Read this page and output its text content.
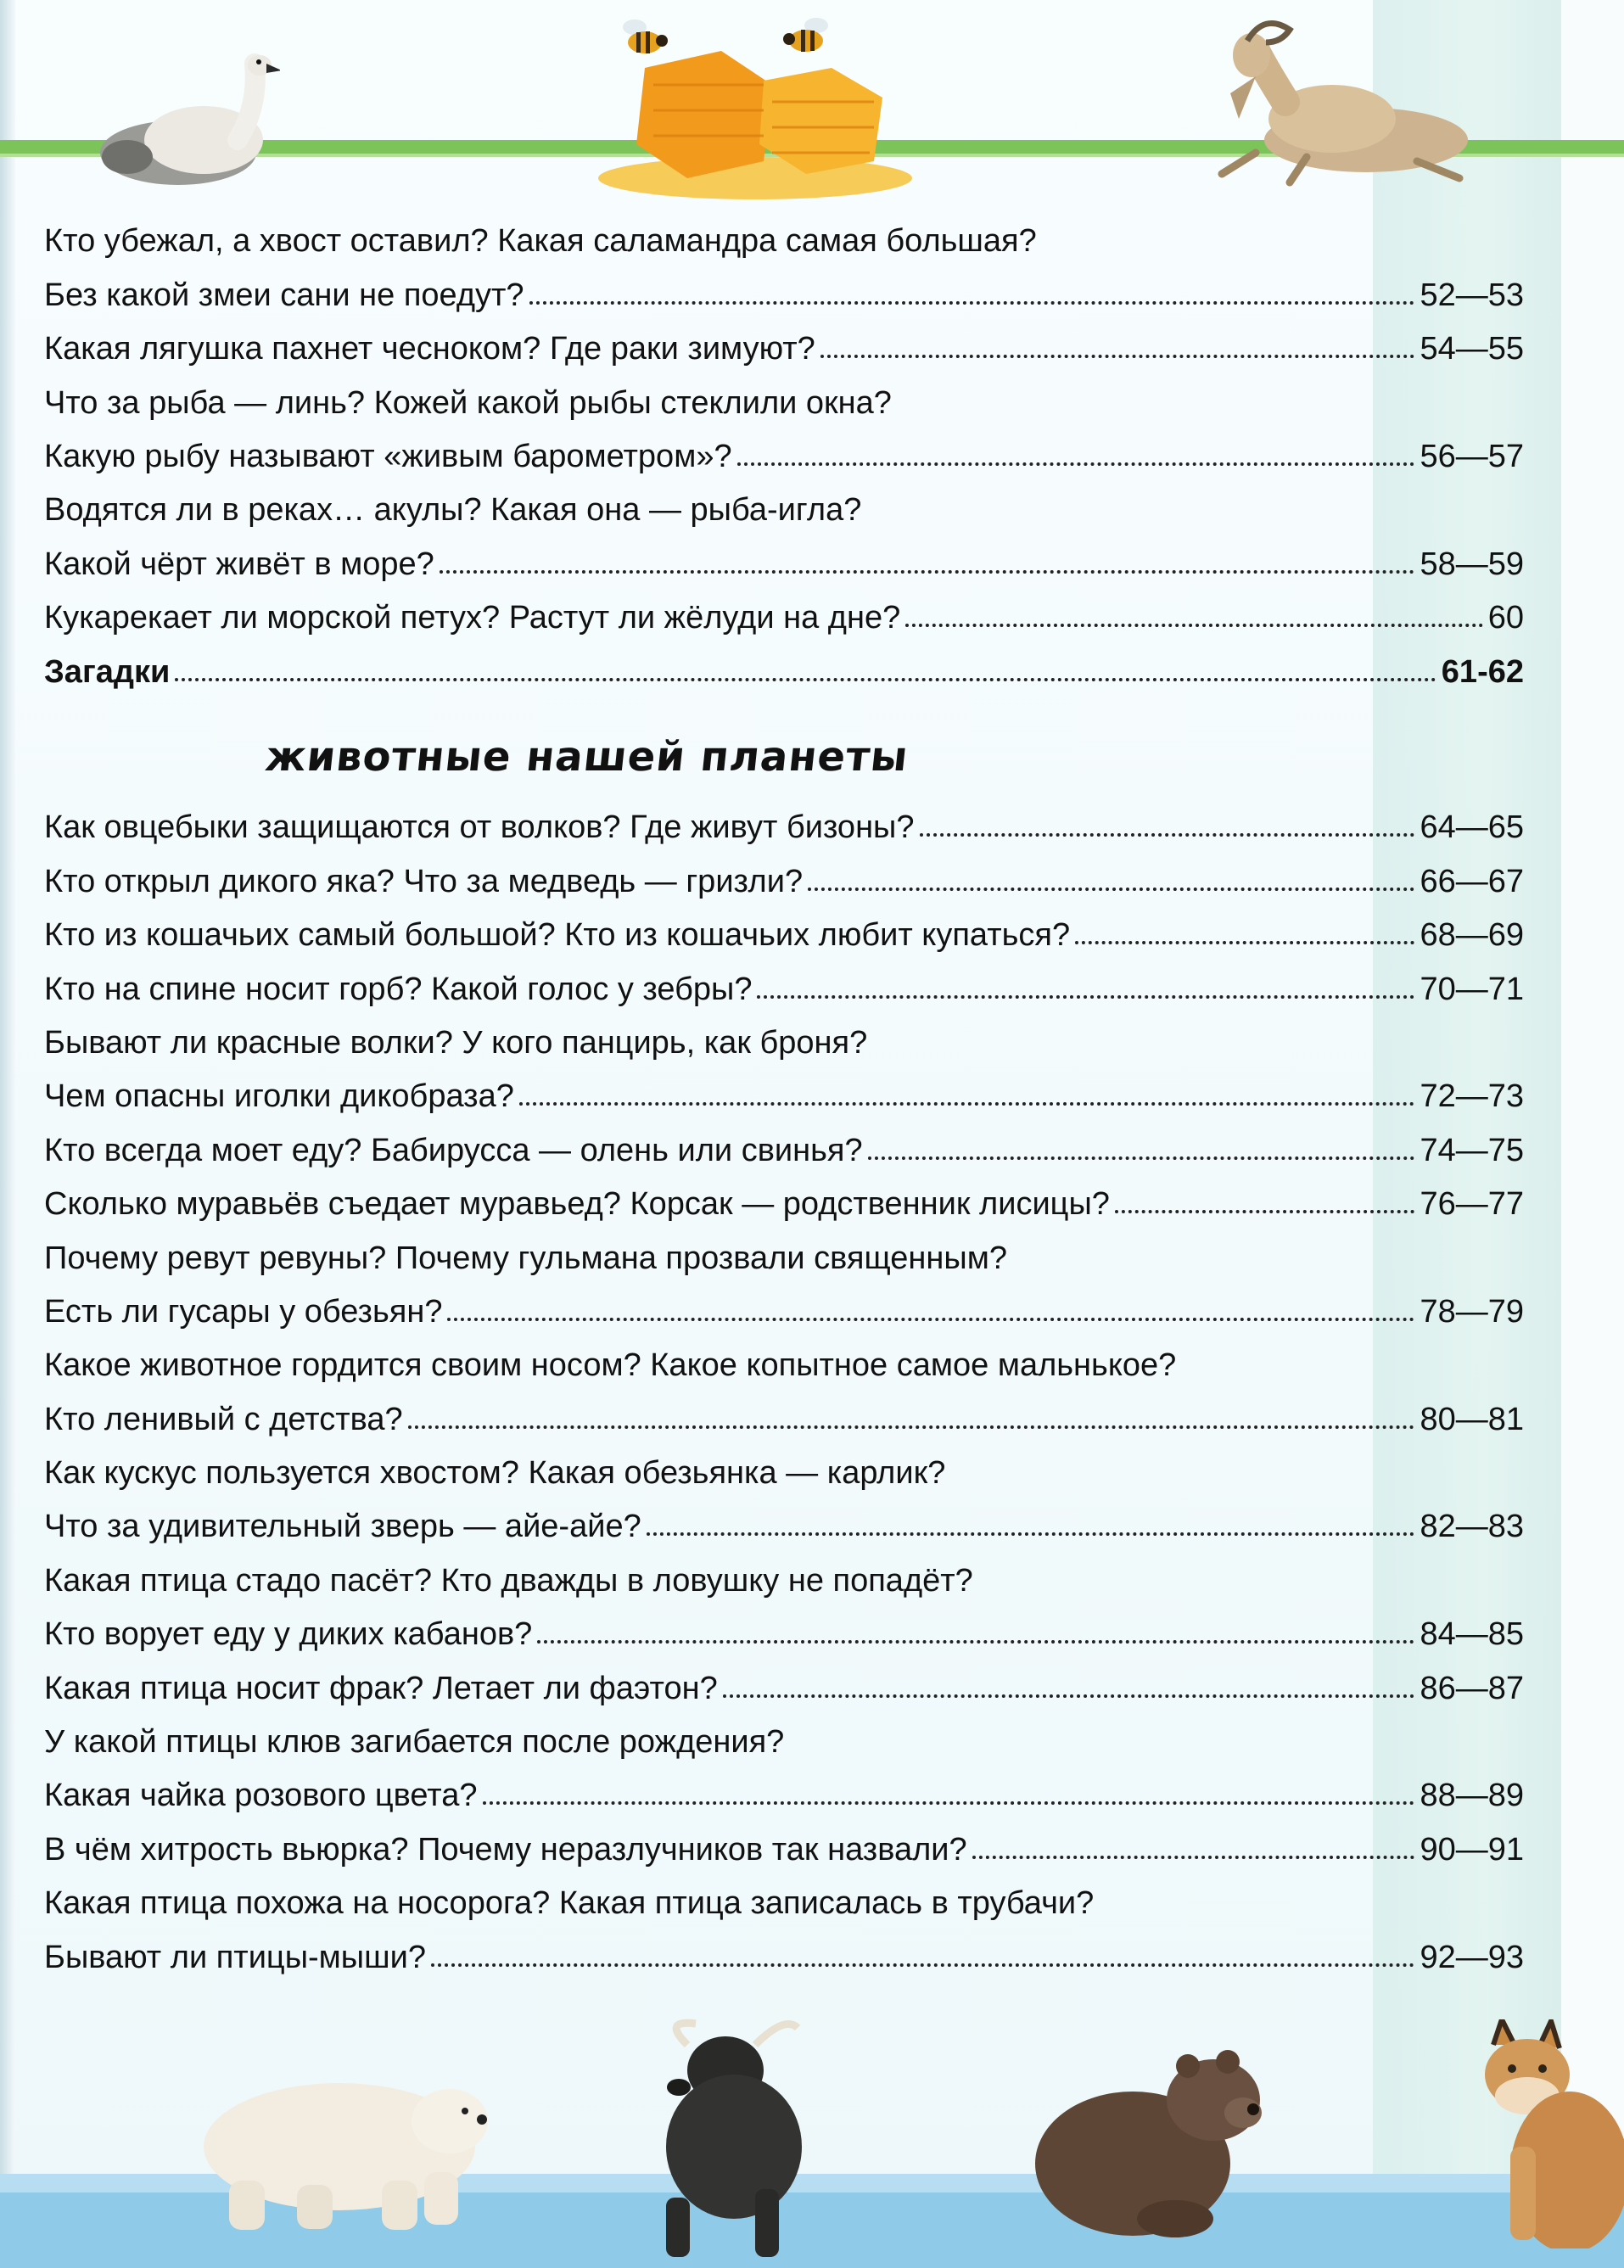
Кто убежал, а хвост оставил? Какая саламандра самая большая?
Без какой змеи сани не поедут?	52—53
Какая лягушка пахнет чесноком? Где раки зимуют?	54—55
Что за рыба — линь? Кожей какой рыбы стеклили окна?
Какую рыбу называют «живым барометром»?	56—57
Водятся ли в реках… акулы? Какая она — рыба-игла?
Какой чёрт живёт в море?	58—59
Кукарекает ли морской петух? Растут ли жёлуди на дне?	60
Загадки	61-62
животные нашей планеты
Как овцебыки защищаются от волков? Где живут бизоны?	64—65
Кто открыл дикого яка? Что за медведь — гризли?	66—67
Кто из кошачьих самый большой? Кто из кошачьих любит купаться?	68—69
Кто на спине носит горб? Какой голос у зебры?	70—71
Бывают ли красные волки? У кого панцирь, как броня?
Чем опасны иголки дикобраза?	72—73
Кто всегда моет еду? Бабирусса — олень или свинья?	74—75
Сколько муравьёв съедает муравьед? Корсак — родственник лисицы?	76—77
Почему ревут ревуны? Почему гульмана прозвали священным?
Есть ли гусары у обезьян?	78—79
Какое животное гордится своим носом? Какое копытное самое мальнькое?
Кто ленивый с детства?	80—81
Как кускус пользуется хвостом? Какая обезьянка — карлик?
Что за удивительный зверь — айе-айе?	82—83
Какая птица стадо пасёт? Кто дважды в ловушку не попадёт?
Кто ворует еду у диких кабанов?	84—85
Какая птица носит фрак? Летает ли фаэтон?	86—87
У какой птицы клюв загибается после рождения?
Какая чайка розового цвета?	88—89
В чём хитрость вьюрка? Почему неразлучников так назвали?	90—91
Какая птица похожа на носорога? Какая птица записалась в трубачи?
Бывают ли птицы-мыши?	92—93
